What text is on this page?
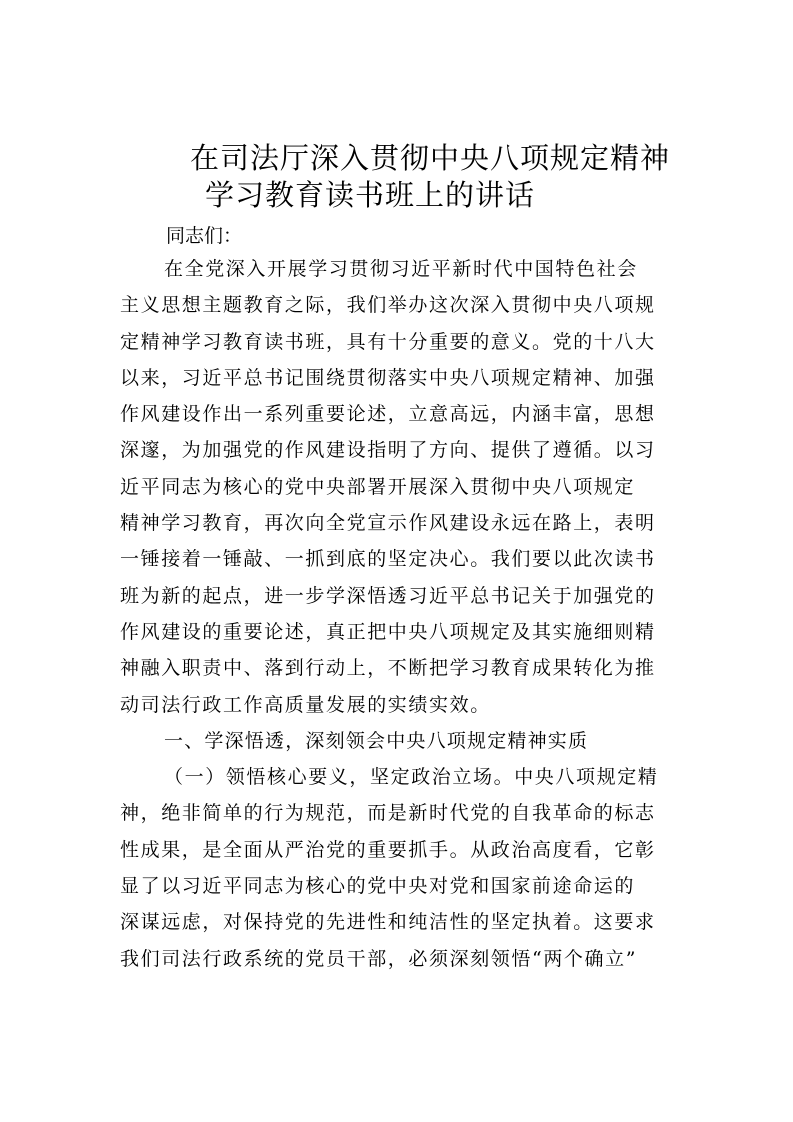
在司法厅深入贯彻中央八项规定精神
学习教育读书班上的讲话
同志们：
在全党深入开展学习贯彻习近平新时代中国特色社会
主义思想主题教育之际，我们举办这次深入贯彻中央八项规
定精神学习教育读书班，具有十分重要的意义。党的十八大
以来，习近平总书记围绕贯彻落实中央八项规定精神、加强
作风建设作出一系列重要论述，立意高远，内涵丰富，思想
深邃，为加强党的作风建设指明了方向、提供了遵循。以习
近平同志为核心的党中央部署开展深入贯彻中央八项规定
精神学习教育，再次向全党宣示作风建设永远在路上，表明
一锤接着一锤敲、一抓到底的坚定决心。我们要以此次读书
班为新的起点，进一步学深悟透习近平总书记关于加强党的
作风建设的重要论述，真正把中央八项规定及其实施细则精
神融入职责中、落到行动上，不断把学习教育成果转化为推
动司法行政工作高质量发展的实绩实效。
一、学深悟透，深刻领会中央八项规定精神实质
（一）领悟核心要义，坚定政治立场。中央八项规定精
神，绝非简单的行为规范，而是新时代党的自我革命的标志
性成果，是全面从严治党的重要抓手。从政治高度看，它彰
显了以习近平同志为核心的党中央对党和国家前途命运的
深谋远虑，对保持党的先进性和纯洁性的坚定执着。这要求
我们司法行政系统的党员干部，必须深刻领悟“两个确立”
